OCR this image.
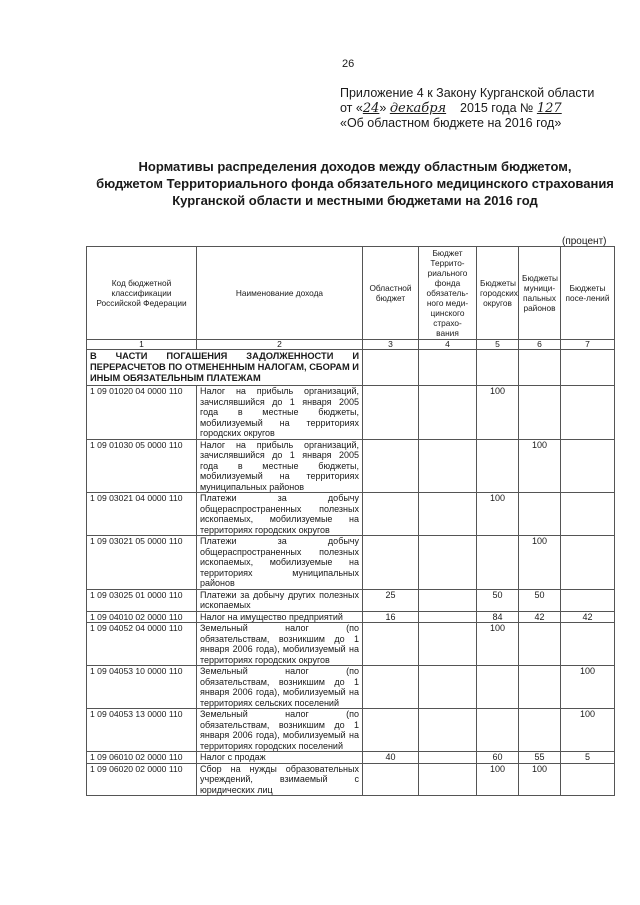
26
Приложение 4 к Закону Курганской области
от «24» декабря 2015 года № 127
«Об областном бюджете на 2016 год»
Нормативы распределения доходов между областным бюджетом,
бюджетом Территориального фонда обязательного медицинского страхования
Курганской области и местными бюджетами на 2016 год
(процент)
Код бюджетной классификации Российской Федерации	Наименование дохода	Областной бюджет	Бюджет Террито-риального фонда обязатель-ного меди-цинского страхо-вания	Бюджеты городских округов	Бюджеты муници-пальных районов	Бюджеты посе-лений
1	2	3	4	5	6	7
В ЧАСТИ ПОГАШЕНИЯ ЗАДОЛЖЕННОСТИ И ПЕРЕРАСЧЕТОВ ПО ОТМЕНЕННЫМ НАЛОГАМ, СБОРАМ И ИНЫМ ОБЯЗАТЕЛЬНЫМ ПЛАТЕЖАМ						
1 09 01020 04 0000 110	Налог на прибыль организаций, зачислявшийся до 1 января 2005 года в местные бюджеты, мобилизуемый на территориях городских округов			100		
1 09 01030 05 0000 110	Налог на прибыль организаций, зачислявшийся до 1 января 2005 года в местные бюджеты, мобилизуемый на территориях муниципальных районов				100	
1 09 03021 04 0000 110	Платежи за добычу общераспространенных полезных ископаемых, мобилизуемые на территориях городских округов			100		
1 09 03021 05 0000 110	Платежи за добычу общераспространенных полезных ископаемых, мобилизуемые на территориях муниципальных районов				100	
1 09 03025 01 0000 110	Платежи за добычу других полезных ископаемых	25		50	50	
1 09 04010 02 0000 110	Налог на имущество предприятий	16		84	42	42
1 09 04052 04 0000 110	Земельный налог (по обязательствам, возникшим до 1 января 2006 года), мобилизуемый на территориях городских округов			100		
1 09 04053 10 0000 110	Земельный налог (по обязательствам, возникшим до 1 января 2006 года), мобилизуемый на территориях сельских поселений					100
1 09 04053 13 0000 110	Земельный налог (по обязательствам, возникшим до 1 января 2006 года), мобилизуемый на территориях городских поселений					100
1 09 06010 02 0000 110	Налог с продаж	40		60	55	5
1 09 06020 02 0000 110	Сбор на нужды образовательных учреждений, взимаемый с юридических лиц			100	100	
